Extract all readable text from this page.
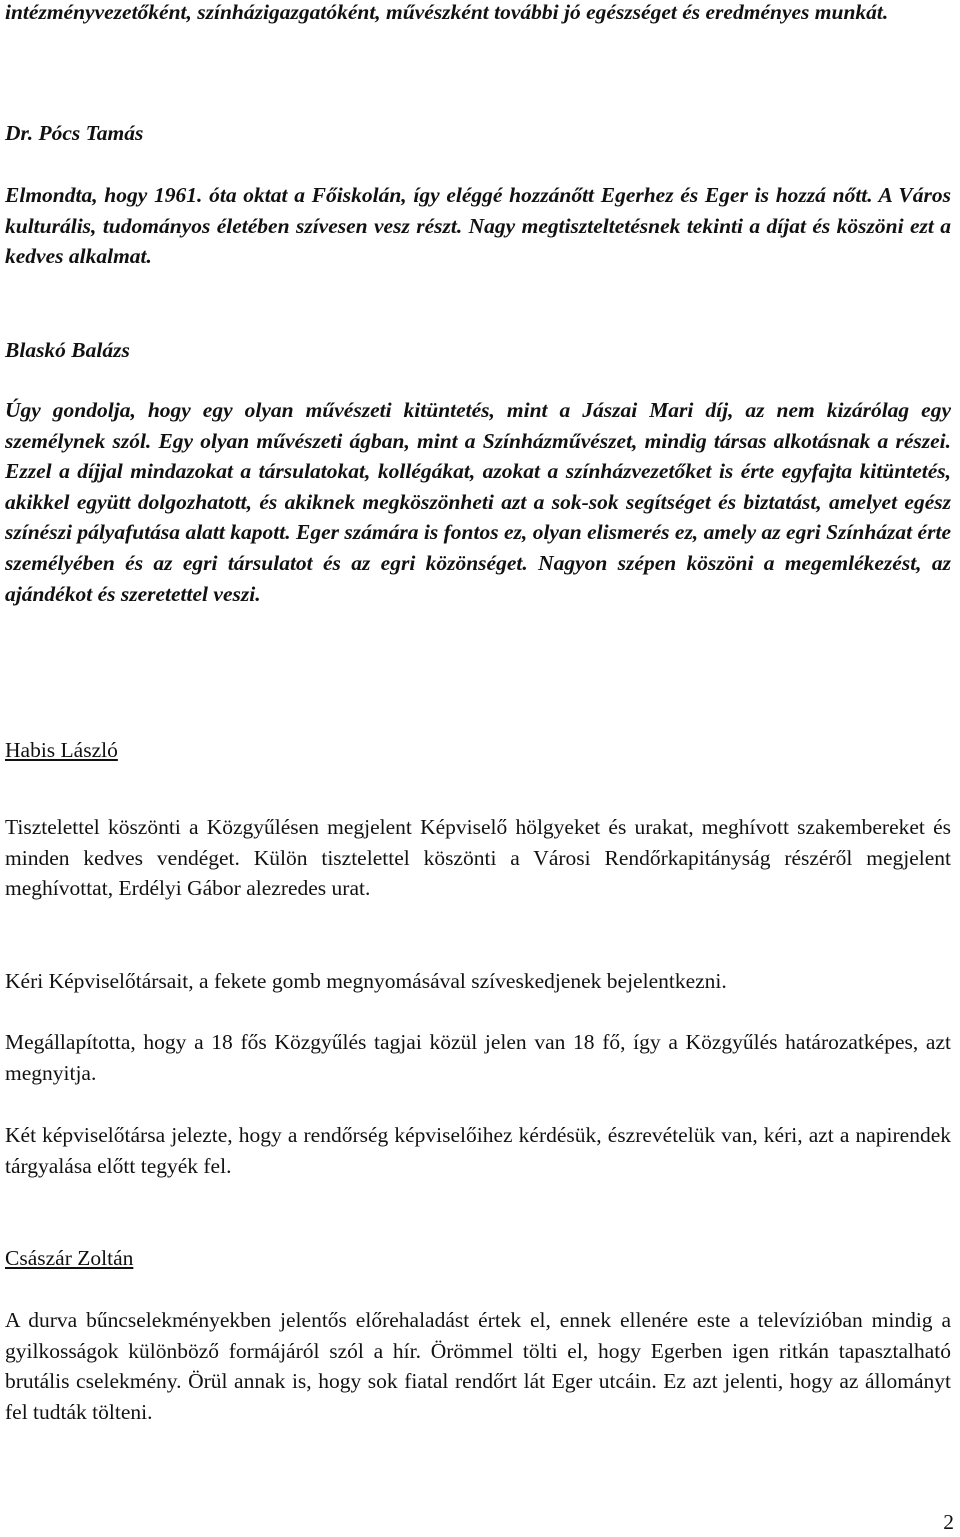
intézményvezetőként, színházigazgatóként, művészként további jó egészséget és eredményes munkát.

Dr. Pócs Tamás

Elmondta, hogy 1961. óta oktat a Főiskolán, így eléggé hozzánőtt Egerhez és Eger is hozzá nőtt. A Város kulturális, tudományos életében szívesen vesz részt. Nagy megtiszteltetésnek tekinti a díjat és köszöni ezt a kedves alkalmat.

Blaskó Balázs

Úgy gondolja, hogy egy olyan művészeti kitüntetés, mint a Jászai Mari díj, az nem kizárólag egy személynek szól. Egy olyan művészeti ágban, mint a Színházművészet, mindig társas alkotásnak a részei. Ezzel a díjjal mindazokat a társulatokat, kollégákat, azokat a színházvezetőket is érte egyfajta kitüntetés, akikkel együtt dolgozhatott, és akiknek megköszönheti azt a sok-sok segítséget és biztatást, amelyet egész színészi pályafutása alatt kapott. Eger számára is fontos ez, olyan elismerés ez, amely az egri Színházat érte személyében és az egri társulatot és az egri közönséget. Nagyon szépen köszöni a megemlékezést, az ajándékot és szeretettel veszi.

Habis László

Tisztelettel köszönti a Közgyűlésen megjelent Képviselő hölgyeket és urakat, meghívott szakembereket és minden kedves vendéget. Külön tisztelettel köszönti a Városi Rendőrkapitányság részéről megjelent meghívottat, Erdélyi Gábor alezredes urat.

Kéri Képviselőtársait, a fekete gomb megnyomásával szíveskedjenek bejelentkezni.

Megállapította, hogy a 18 fős Közgyűlés tagjai közül jelen van 18 fő, így a Közgyűlés határozatképes, azt megnyitja.

Két képviselőtársa jelezte, hogy a rendőrség képviselőihez kérdésük, észrevételük van, kéri, azt a napirendek tárgyalása előtt tegyék fel.

Császár Zoltán

A durva bűncselekményekben jelentős előrehaladást értek el, ennek ellenére este a televízióban mindig a gyilkosságok különböző formájáról szól a hír. Örömmel tölti el, hogy Egerben igen ritkán tapasztalható brutális cselekmény. Örül annak is, hogy sok fiatal rendőrt lát Eger utcáin. Ez azt jelenti, hogy az állományt fel tudták tölteni.

2
